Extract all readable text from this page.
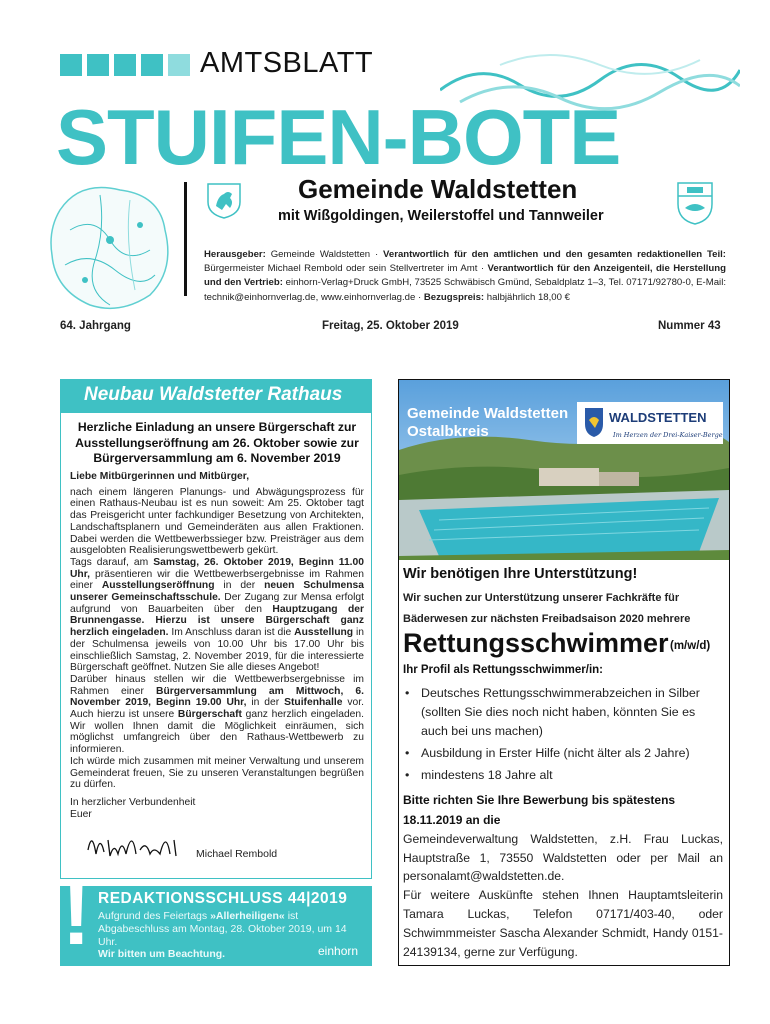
AMTSBLATT
STUIFEN-BOTE
Gemeinde Waldstetten
mit Wißgoldingen, Weilerstoffel und Tannweiler
Herausgeber: Gemeinde Waldstetten · Verantwortlich für den amtlichen und den gesamten redaktionellen Teil: Bürgermeister Michael Rembold oder sein Stellvertreter im Amt · Verantwortlich für den Anzeigenteil, die Herstellung und den Vertrieb: einhorn-Verlag+Druck GmbH, 73525 Schwäbisch Gmünd, Sebaldplatz 1–3, Tel. 07171/92780-0, E-Mail: technik@einhornverlag.de, www.einhornverlag.de · Bezugspreis: halbjährlich 18,00 €
64. Jahrgang	Freitag, 25. Oktober 2019	Nummer 43
Neubau Waldstetter Rathaus
Herzliche Einladung an unsere Bürgerschaft zur Ausstellungseröffnung am 26. Oktober sowie zur Bürgerversammlung am 6. November 2019

Liebe Mitbürgerinnen und Mitbürger,

nach einem längeren Planungs- und Abwägungsprozess für einen Rathaus-Neubau ist es nun soweit: Am 25. Oktober tagt das Preisgericht unter fachkundiger Besetzung von Architekten, Landschaftsplanern und Gemeinderäten aus allen Fraktionen. Dabei werden die Wettbewerbssieger bzw. Preisträger aus dem ausgelobten Realisierungswettbewerb gekürt.

Tags darauf, am Samstag, 26. Oktober 2019, Beginn 11.00 Uhr, präsentieren wir die Wettbewerbsergebnisse im Rahmen einer Ausstellungseröffnung in der neuen Schulmensa unserer Gemeinschaftsschule. Der Zugang zur Mensa erfolgt aufgrund von Bauarbeiten über den Hauptzugang der Brunnengasse. Hierzu ist unsere Bürgerschaft ganz herzlich eingeladen. Im Anschluss daran ist die Ausstellung in der Schulmensa jeweils von 10.00 Uhr bis 17.00 Uhr bis einschließlich Samstag, 2. November 2019, für die interessierte Bürgerschaft geöffnet. Nutzen Sie alle dieses Angebot!

Darüber hinaus stellen wir die Wettbewerbsergebnisse im Rahmen einer Bürgerversammlung am Mittwoch, 6. November 2019, Beginn 19.00 Uhr, in der Stuifenhalle vor. Auch hierzu ist unsere Bürgerschaft ganz herzlich eingeladen. Wir wollen Ihnen damit die Möglichkeit einräumen, sich möglichst umfangreich über den Rathaus-Wettbewerb zu informieren.

Ich würde mich zusammen mit meiner Verwaltung und unserem Gemeinderat freuen, Sie zu unseren Veranstaltungen begrüßen zu dürfen.

In herzlicher Verbundenheit

Euer

Michael Rembold
! REDAKTIONSSCHLUSS 44|2019
Aufgrund des Feiertags »Allerheiligen« ist Abgabeschluss am Montag, 28. Oktober 2019, um 14 Uhr.
Wir bitten um Beachtung.	einhorn
Gemeinde Waldstetten
Ostalbkreis
WALDSTETTEN
Im Herzen der Drei-Kaiser-Berge
Wir benötigen Ihre Unterstützung!
Wir suchen zur Unterstützung unserer Fachkräfte für Bäderwesen zur nächsten Freibadsaison 2020 mehrere
Rettungsschwimmer (m/w/d)
Ihr Profil als Rettungsschwimmer/in:
• Deutsches Rettungsschwimmerabzeichen in Silber (sollten Sie dies noch nicht haben, könnten Sie es auch bei uns machen)
• Ausbildung in Erster Hilfe (nicht älter als 2 Jahre)
• mindestens 18 Jahre alt
Bitte richten Sie Ihre Bewerbung bis spätestens 18.11.2019 an die
Gemeindeverwaltung Waldstetten, z.H. Frau Luckas, Hauptstraße 1, 73550 Waldstetten oder per Mail an personalamt@waldstetten.de.
Für weitere Auskünfte stehen Ihnen Hauptamtsleiterin Tamara Luckas, Telefon 07171/403-40, oder Schwimmmeister Sascha Alexander Schmidt, Handy 0151-24139134, gerne zur Verfügung.
